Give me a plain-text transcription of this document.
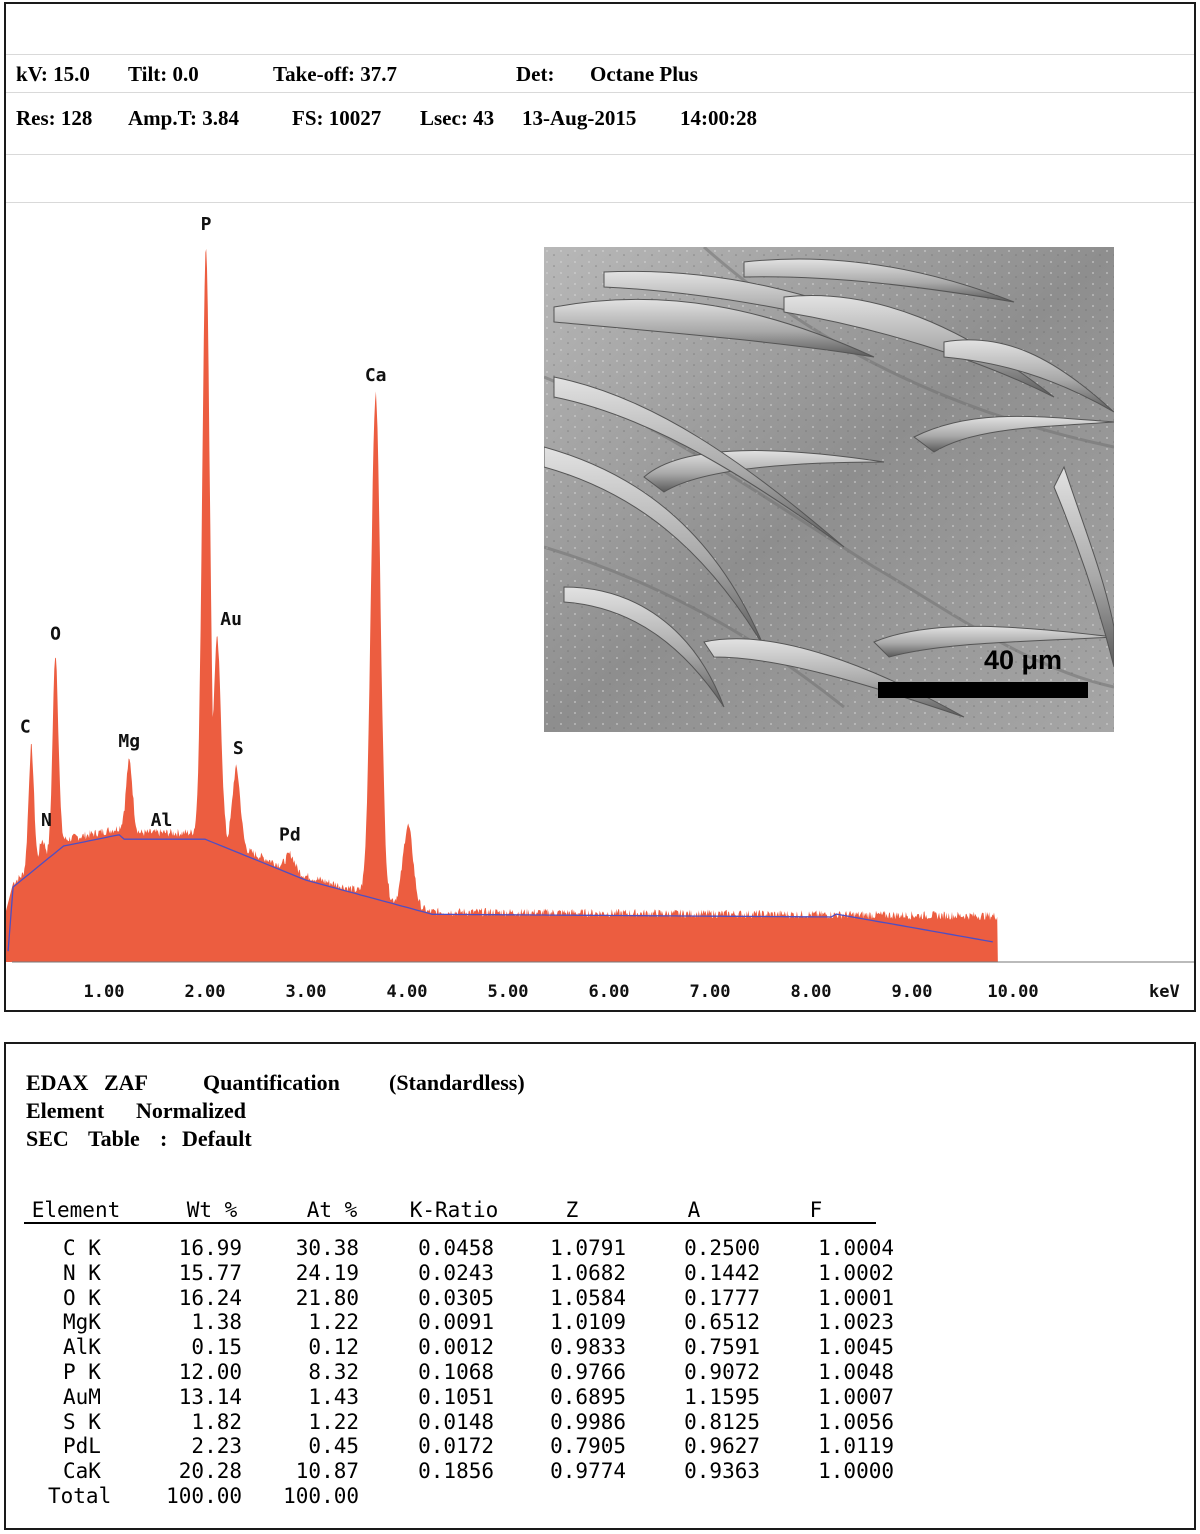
kV: 15.0 Tilt: 0.0	Take-off: 37.7	Det: Octane Plus
Res: 128 Amp.T: 3.84	FS: 10027 Lsec: 43 13-Aug-2015 14:00:28
1.00	2.00	3.00	4.00	5.00	6.00	7.00	8.00	9.00	10.00
C
N
O
Mg
Al
P
Au
S
Pd
Ca
keV
40 μm
EDAX ZAF	Quantification (Standardless)
Element Normalized
SEC Table : Default
Element	Wt %	At %	K-Ratio	Z	A	F
C K	16.99	30.38	0.0458	1.0791	0.2500	1.0004
N K	15.77	24.19	0.0243	1.0682	0.1442	1.0002
O K	16.24	21.80	0.0305	1.0584	0.1777	1.0001
MgK	1.38	1.22	0.0091	1.0109	0.6512	1.0023
AlK	0.15	0.12	0.0012	0.9833	0.7591	1.0045
P K	12.00	8.32	0.1068	0.9766	0.9072	1.0048
AuM	13.14	1.43	0.1051	0.6895	1.1595	1.0007
S K	1.82	1.22	0.0148	0.9986	0.8125	1.0056
PdL	2.23	0.45	0.0172	0.7905	0.9627	1.0119
CaK	20.28	10.87	0.1856	0.9774	0.9363	1.0000
Total	100.00	100.00
